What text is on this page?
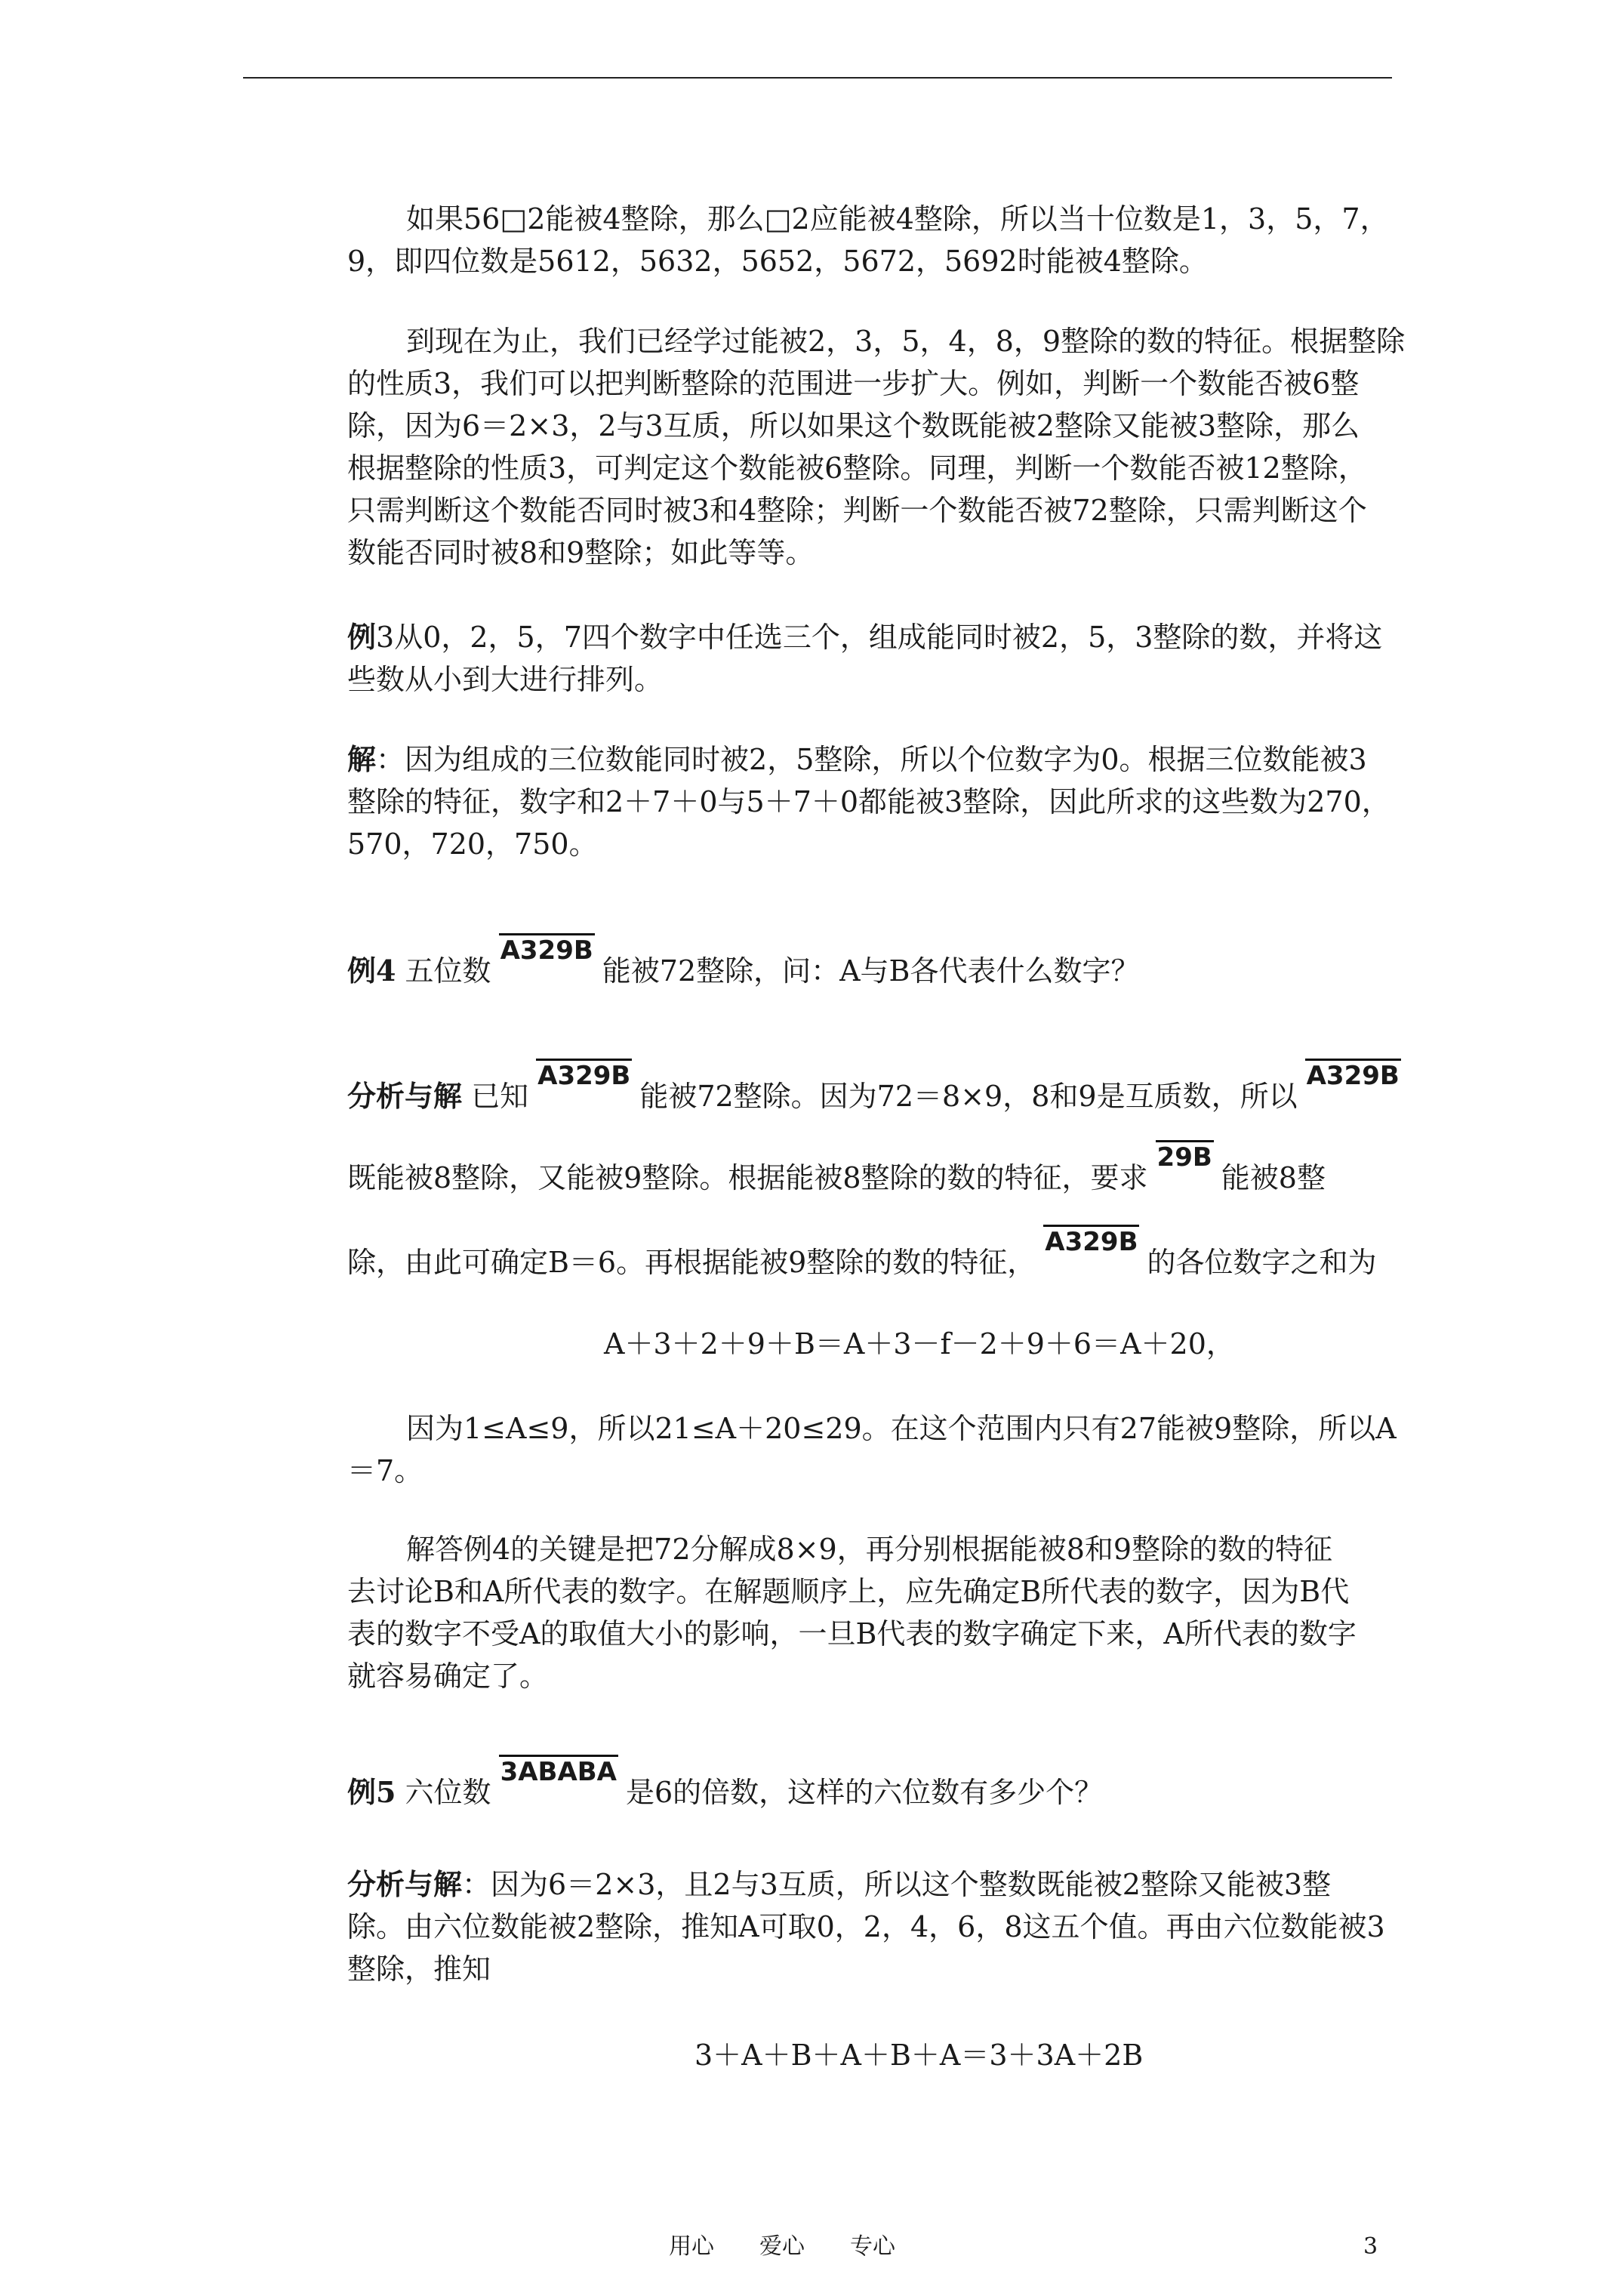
如果56□2能被4整除，那么□2应能被4整除，所以当十位数是1，3，5，7，
9，即四位数是5612，5632，5652，5672，5692时能被4整除。
到现在为止，我们已经学过能被2，3，5，4，8，9整除的数的特征。根据整除
的性质3，我们可以把判断整除的范围进一步扩大。例如，判断一个数能否被6整
除，因为6＝2×3，2与3互质，所以如果这个数既能被2整除又能被3整除，那么
根据整除的性质3，可判定这个数能被6整除。同理，判断一个数能否被12整除，
只需判断这个数能否同时被3和4整除；判断一个数能否被72整除，只需判断这个
数能否同时被8和9整除；如此等等。
例3从0，2，5，7四个数字中任选三个，组成能同时被2，5，3整除的数，并将这
些数从小到大进行排列。
解：因为组成的三位数能同时被2，5整除，所以个位数字为0。根据三位数能被3
整除的特征，数字和2＋7＋0与5＋7＋0都能被3整除，因此所求的这些数为270，
570，720，750。
例4 五位数A329B能被72整除，问：A与B各代表什么数字？
分析与解 已知A329B能被72整除。因为72＝8×9，8和9是互质数，所以A329B
既能被8整除，又能被9整除。根据能被8整除的数的特征，要求29B能被8整
除，由此可确定B＝6。再根据能被9整除的数的特征，A329B的各位数字之和为
A＋3＋2＋9＋B＝A＋3－f－2＋9＋6＝A＋20，
因为1≤A≤9，所以21≤A＋20≤29。在这个范围内只有27能被9整除，所以A
＝7。
解答例4的关键是把72分解成8×9，再分别根据能被8和9整除的数的特征
去讨论B和A所代表的数字。在解题顺序上，应先确定B所代表的数字，因为B代
表的数字不受A的取值大小的影响，一旦B代表的数字确定下来，A所代表的数字
就容易确定了。
例5 六位数3ABABA是6的倍数，这样的六位数有多少个？
分析与解：因为6＝2×3，且2与3互质，所以这个整数既能被2整除又能被3整
除。由六位数能被2整除，推知A可取0，2，4，6，8这五个值。再由六位数能被3
整除，推知
3＋A＋B＋A＋B＋A＝3＋3A＋2B
用心　　爱心　　专心	3
